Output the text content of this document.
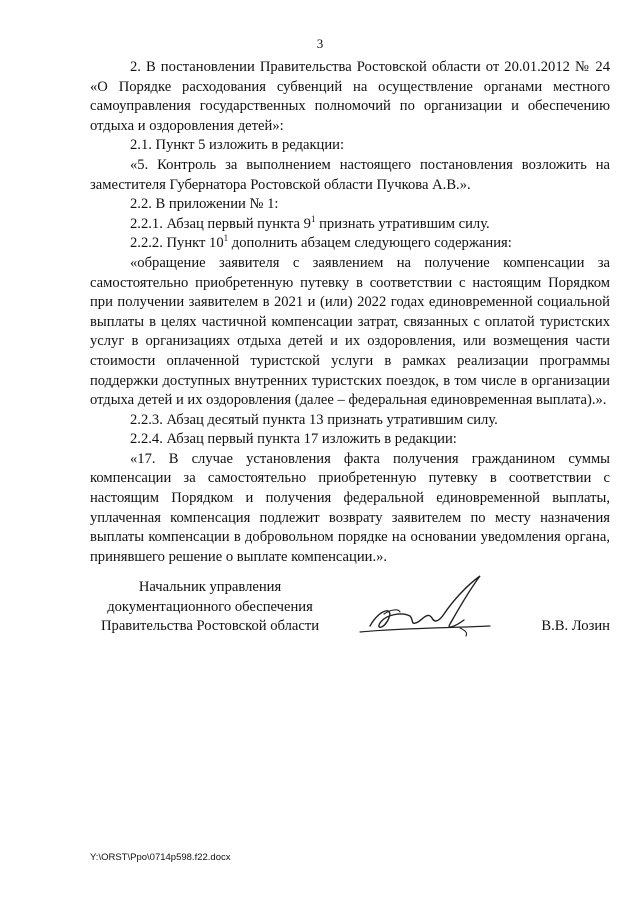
3

2. В постановлении Правительства Ростовской области от 20.01.2012 № 24 «О Порядке расходования субвенций на осуществление органами местного самоуправления государственных полномочий по организации и обеспечению отдыха и оздоровления детей»:

2.1. Пункт 5 изложить в редакции:

«5. Контроль за выполнением настоящего постановления возложить на заместителя Губернатора Ростовской области Пучкова А.В.».

2.2. В приложении № 1:

2.2.1. Абзац первый пункта $9^1$ признать утратившим силу.

2.2.2. Пункт $10^1$ дополнить абзацем следующего содержания:

«обращение заявителя с заявлением на получение компенсации за самостоятельно приобретенную путевку в соответствии с настоящим Порядком при получении заявителем в 2021 и (или) 2022 годах единовременной социальной выплаты в целях частичной компенсации затрат, связанных с оплатой туристских услуг в организациях отдыха детей и их оздоровления, или возмещения части стоимости оплаченной туристской услуги в рамках реализации программы поддержки доступных внутренних туристских поездок, в том числе в организации отдыха детей и их оздоровления (далее – федеральная единовременная выплата).».

2.2.3. Абзац десятый пункта 13 признать утратившим силу.

2.2.4. Абзац первый пункта 17 изложить в редакции:

«17. В случае установления факта получения гражданином суммы компенсации за самостоятельно приобретенную путевку в соответствии с настоящим Порядком и получения федеральной единовременной выплаты, уплаченная компенсация подлежит возврату заявителем по месту назначения выплаты компенсации в добровольном порядке на основании уведомления органа, принявшего решение о выплате компенсации.».

Начальник управления
документационного обеспечения
Правительства Ростовской области	В.В. Лозин
Y:\ORST\Ppo\0714p598.f22.docx
